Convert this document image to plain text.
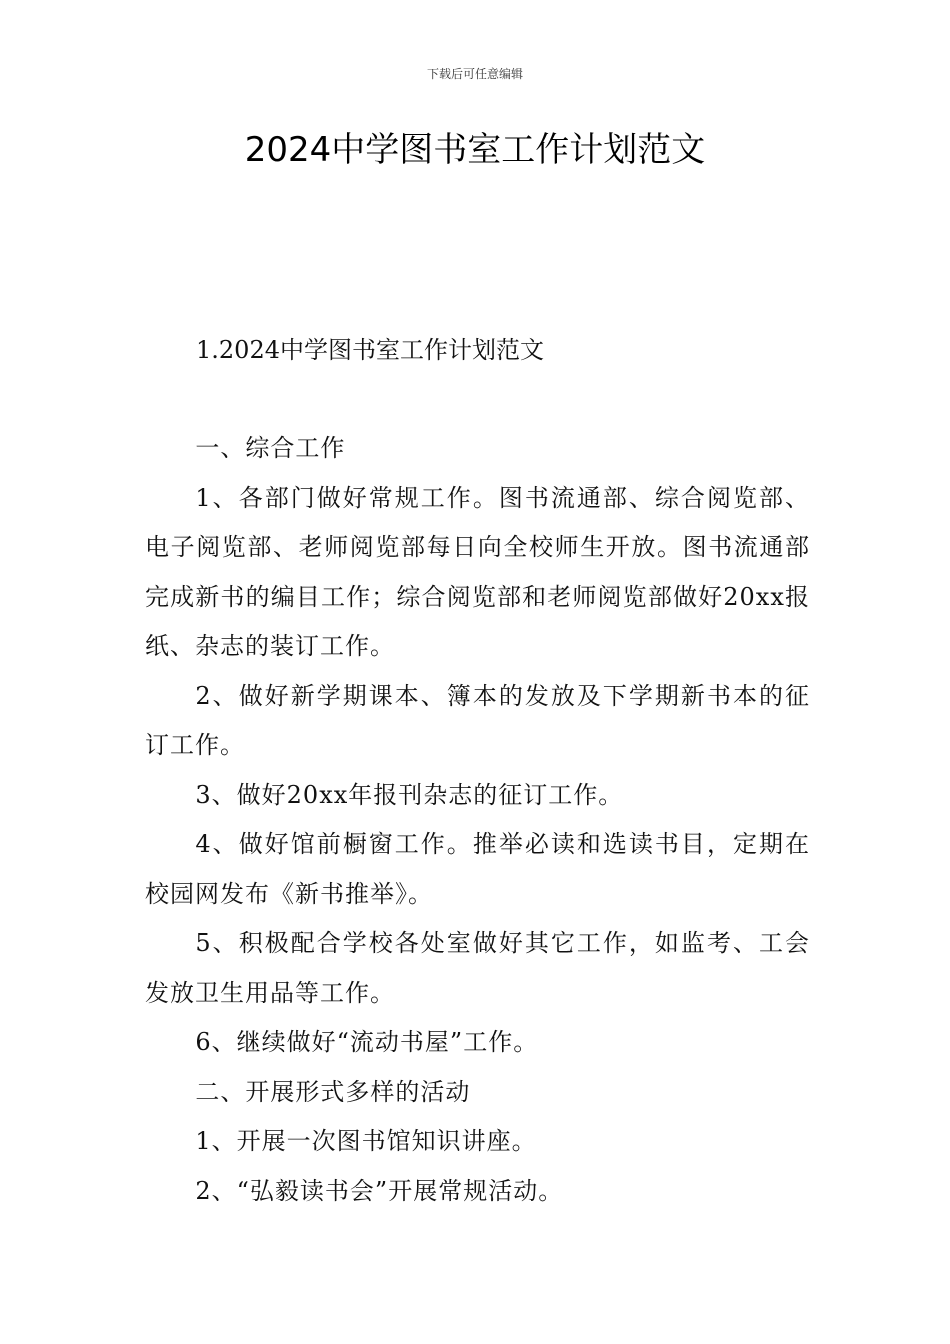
下载后可任意编辑
2024中学图书室工作计划范文
1.2024中学图书室工作计划范文

一、综合工作

1、各部门做好常规工作。图书流通部、综合阅览部、电子阅览部、老师阅览部每日向全校师生开放。图书流通部完成新书的编目工作；综合阅览部和老师阅览部做好20xx报纸、杂志的装订工作。

2、做好新学期课本、簿本的发放及下学期新书本的征订工作。

3、做好20xx年报刊杂志的征订工作。

4、做好馆前橱窗工作。推举必读和选读书目，定期在校园网发布《新书推举》。

5、积极配合学校各处室做好其它工作，如监考、工会发放卫生用品等工作。

6、继续做好“流动书屋”工作。

二、开展形式多样的活动

1、开展一次图书馆知识讲座。

2、“弘毅读书会”开展常规活动。
